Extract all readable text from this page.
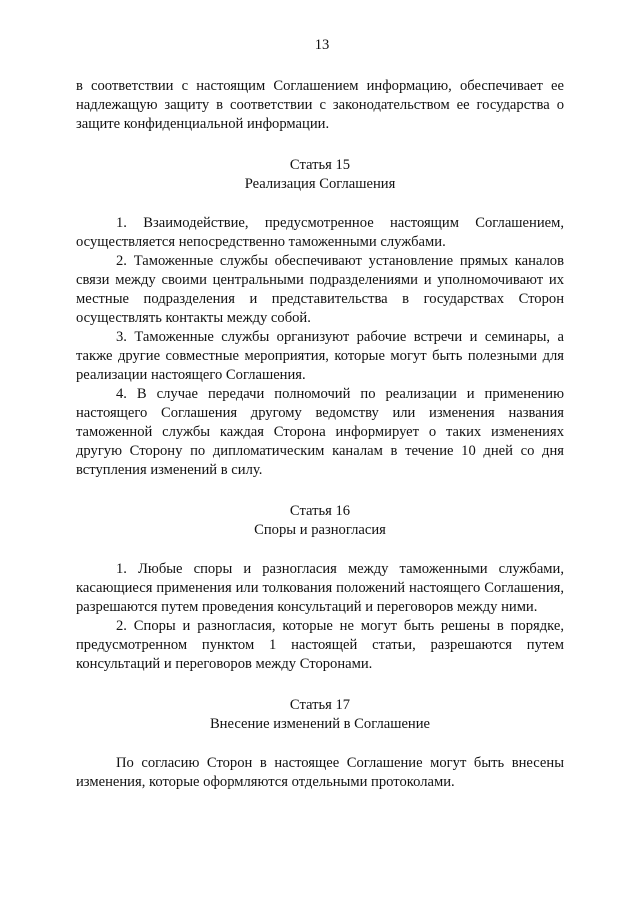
13

в соответствии с настоящим Соглашением информацию, обеспечивает ее надлежащую защиту в соответствии с законодательством ее государства о защите конфиденциальной информации.

Статья 15

Реализация Соглашения

1. Взаимодействие, предусмотренное настоящим Соглашением, осуществляется непосредственно таможенными службами.

2. Таможенные службы обеспечивают установление прямых каналов связи между своими центральными подразделениями и уполномочивают их местные подразделения и представительства в государствах Сторон осуществлять контакты между собой.

3. Таможенные службы организуют рабочие встречи и семинары, а также другие совместные мероприятия, которые могут быть полезными для реализации настоящего Соглашения.

4. В случае передачи полномочий по реализации и применению настоящего Соглашения другому ведомству или изменения названия таможенной службы каждая Сторона информирует о таких изменениях другую Сторону по дипломатическим каналам в течение 10 дней со дня вступления изменений в силу.

Статья 16

Споры и разногласия

1. Любые споры и разногласия между таможенными службами, касающиеся применения или толкования положений настоящего Соглашения, разрешаются путем проведения консультаций и переговоров между ними.

2. Споры и разногласия, которые не могут быть решены в порядке, предусмотренном пунктом 1 настоящей статьи, разрешаются путем консультаций и переговоров между Сторонами.

Статья 17

Внесение изменений в Соглашение

По согласию Сторон в настоящее Соглашение могут быть внесены изменения, которые оформляются отдельными протоколами.
